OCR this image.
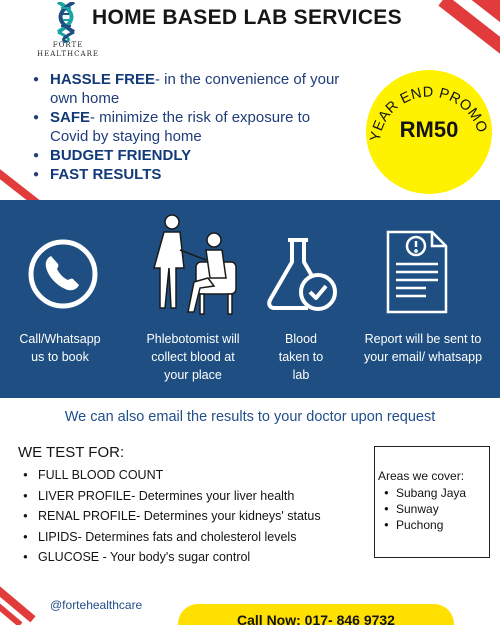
FORTE HEALTHCARE
HOME BASED LAB SERVICES
● HASSLE FREE- in the convenience of your own home
● SAFE- minimize the risk of exposure to Covid by staying home
● BUDGET FRIENDLY
● FAST RESULTS
YEAR END PROMO
RM50
Call/Whatsapp
us to book
Phlebotomist will
collect blood at
your place
Blood
taken to
lab
Report will be sent to
your email/ whatsapp
We can also email the results to your doctor upon request
WE TEST FOR:
● FULL BLOOD COUNT
● LIVER PROFILE- Determines your liver health
● RENAL PROFILE- Determines your kidneys' status
● LIPIDS- Determines fats and cholesterol levels
● GLUCOSE - Your body's sugar control
Areas we cover:
● Subang Jaya
● Sunway
● Puchong
@fortehealthcare
Call Now: 017- 846 9732
